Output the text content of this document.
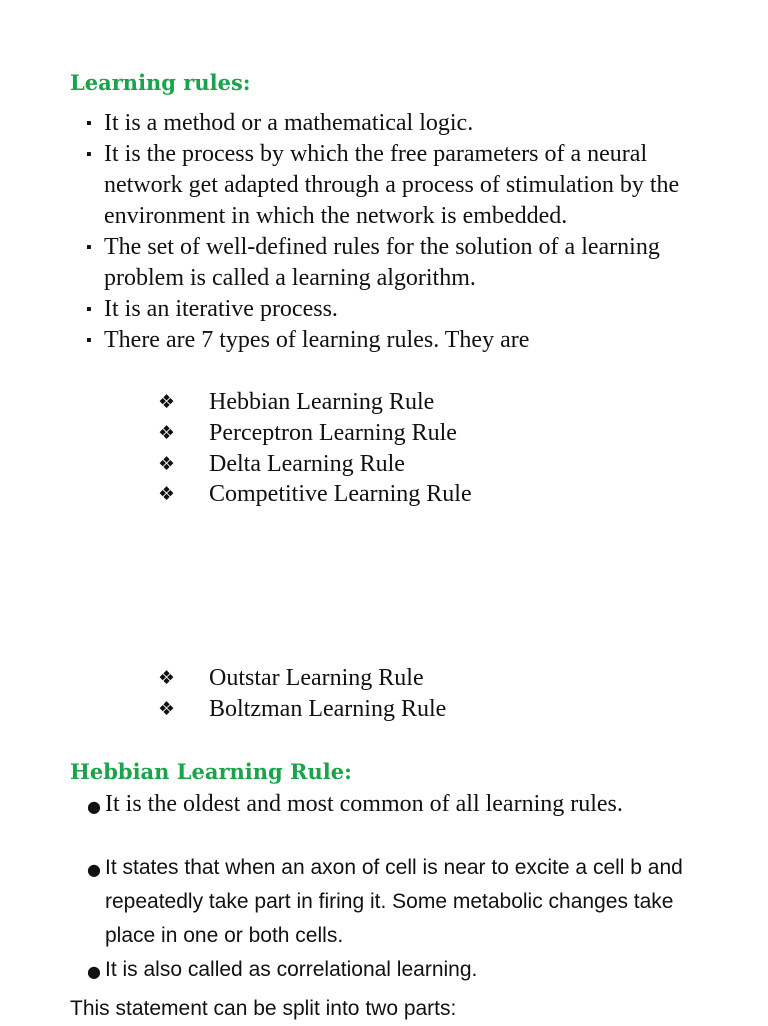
Learning rules:
▪ It is a method or a mathematical logic.
▪ It is the process by which the free parameters of a neural network get adapted through a process of stimulation by the environment in which the network is embedded.
▪ The set of well-defined rules for the solution of a learning problem is called a learning algorithm.
▪ It is an iterative process.
▪ There are 7 types of learning rules. They are
❖ Hebbian Learning Rule
❖ Perceptron Learning Rule
❖ Delta Learning Rule
❖ Competitive Learning Rule
❖ Outstar Learning Rule
❖ Boltzman Learning Rule
Hebbian Learning Rule:
● It is the oldest and most common of all learning rules.
● It states that when an axon of cell is near to excite a cell b and repeatedly take part in firing it. Some metabolic changes take place in one or both cells.
● It is also called as correlational learning.
This statement can be split into two parts:
